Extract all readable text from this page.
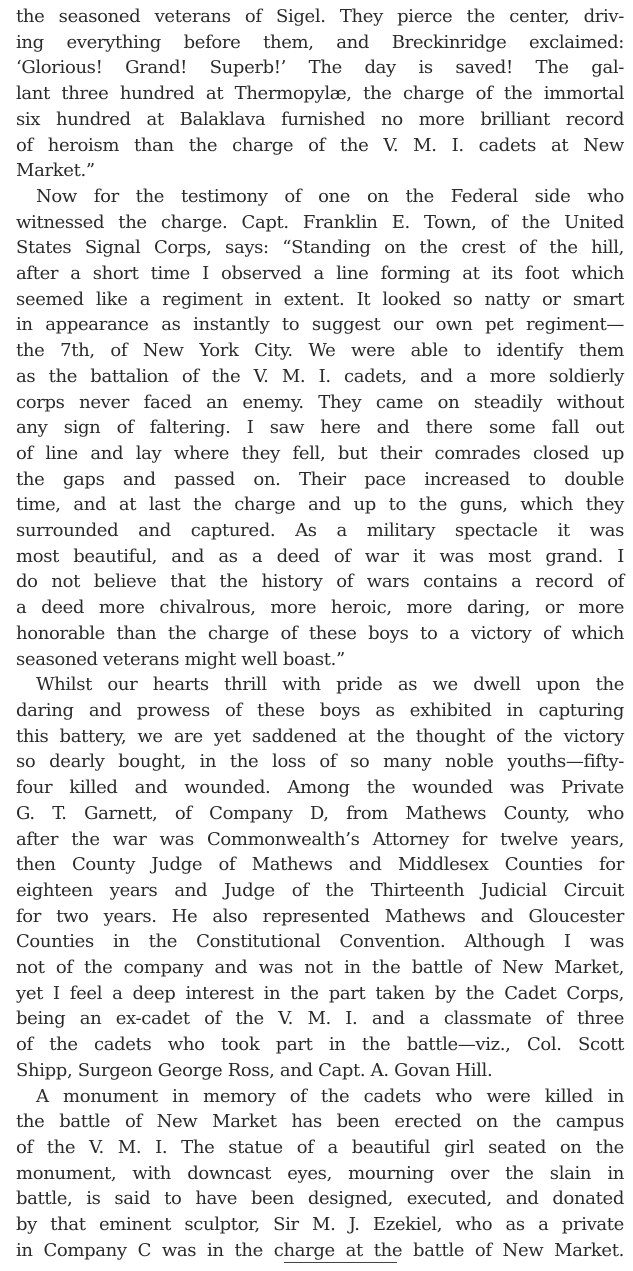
the seasoned veterans of Sigel. They pierce the center, driv-
ing everything before them, and Breckinridge exclaimed:
‘Glorious! Grand! Superb!’ The day is saved! The gal-
lant three hundred at Thermopylæ, the charge of the immortal
six hundred at Balaklava furnished no more brilliant record
of heroism than the charge of the V. M. I. cadets at New
Market.”
Now for the testimony of one on the Federal side who
witnessed the charge. Capt. Franklin E. Town, of the United
States Signal Corps, says: “Standing on the crest of the hill,
after a short time I observed a line forming at its foot which
seemed like a regiment in extent. It looked so natty or smart
in appearance as instantly to suggest our own pet regiment—
the 7th, of New York City. We were able to identify them
as the battalion of the V. M. I. cadets, and a more soldierly
corps never faced an enemy. They came on steadily without
any sign of faltering. I saw here and there some fall out
of line and lay where they fell, but their comrades closed up
the gaps and passed on. Their pace increased to double
time, and at last the charge and up to the guns, which they
surrounded and captured. As a military spectacle it was
most beautiful, and as a deed of war it was most grand. I
do not believe that the history of wars contains a record of
a deed more chivalrous, more heroic, more daring, or more
honorable than the charge of these boys to a victory of which
seasoned veterans might well boast.”
Whilst our hearts thrill with pride as we dwell upon the
daring and prowess of these boys as exhibited in capturing
this battery, we are yet saddened at the thought of the victory
so dearly bought, in the loss of so many noble youths—fifty-
four killed and wounded. Among the wounded was Private
G. T. Garnett, of Company D, from Mathews County, who
after the war was Commonwealth’s Attorney for twelve years,
then County Judge of Mathews and Middlesex Counties for
eighteen years and Judge of the Thirteenth Judicial Circuit
for two years. He also represented Mathews and Gloucester
Counties in the Constitutional Convention. Although I was
not of the company and was not in the battle of New Market,
yet I feel a deep interest in the part taken by the Cadet Corps,
being an ex-cadet of the V. M. I. and a classmate of three
of the cadets who took part in the battle—viz., Col. Scott
Shipp, Surgeon George Ross, and Capt. A. Govan Hill.
A monument in memory of the cadets who were killed in
the battle of New Market has been erected on the campus
of the V. M. I. The statue of a beautiful girl seated on the
monument, with downcast eyes, mourning over the slain in
battle, is said to have been designed, executed, and donated
by that eminent sculptor, Sir M. J. Ezekiel, who as a private
in Company C was in the charge at the battle of New Market.
